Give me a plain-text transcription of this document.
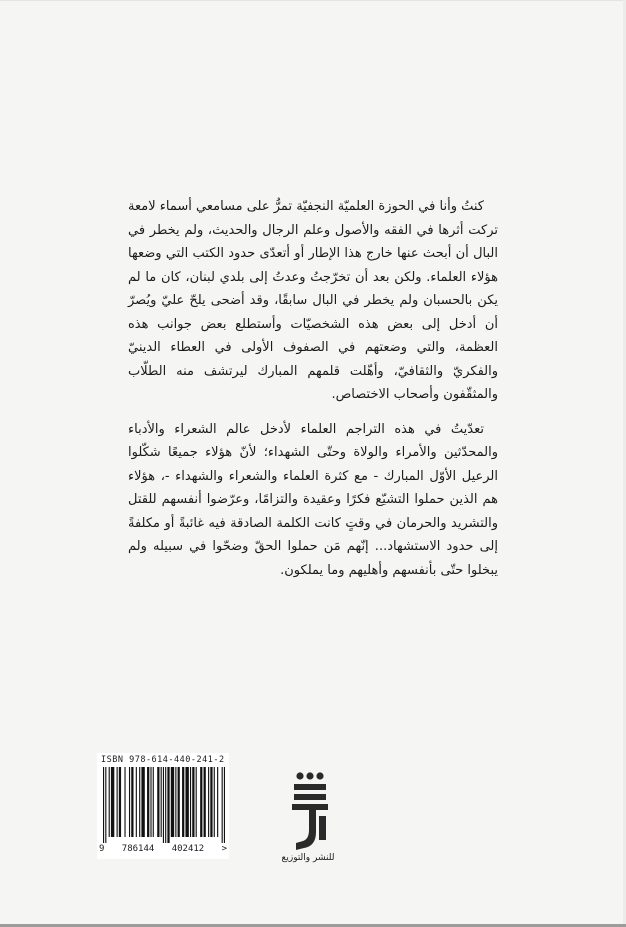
كنتُ وأنا في الحوزة العلميّة النجفيّة تمرُّ على مسامعي أسماء لامعة تركت أثرها في الفقه والأصول وعلم الرجال والحديث، ولم يخطر في البال أن أبحث عنها خارج هذا الإطار أو أتعدّى حدود الكتب التي وضعها هؤلاء العلماء. ولكن بعد أن تخرّجتُ وعدتُ إلى بلدي لبنان، كان ما لم يكن بالحسبان ولم يخطر في البال سابقًا، وقد أضحى يلحّ عليّ ويُصرّ أن أدخل إلى بعض هذه الشخصيّات وأستطلع بعض جوانب هذه العظمة، والتي وضعتهم في الصفوف الأولى في العطاء الدينيّ والفكريّ والثقافيّ، وأهّلت قلمهم المبارك ليرتشف منه الطلّاب والمثقّفون وأصحاب الاختصاص.

تعدّيتُ في هذه التراجم العلماء لأدخل عالم الشعراء والأدباء والمحدّثين والأمراء والولاة وحتّى الشهداء؛ لأنّ هؤلاء جميعًا شكّلوا الرعيل الأوّل المبارك - مع كثرة العلماء والشعراء والشهداء -، هؤلاء هم الذين حملوا التشيّع فكرًا وعقيدة والتزامًا، وعرّضوا أنفسهم للقتل والتشريد والحرمان في وقتٍ كانت الكلمة الصادقة فيه غائبةً أو مكلفةً إلى حدود الاستشهاد... إنّهم مَن حملوا الحقّ وضحّوا في سبيله ولم يبخلوا حتّى بأنفسهم وأهليهم وما يملكون.

ISBN 978-614-440-241-2
9 786144 402412 >
للنشر والتوزيع
